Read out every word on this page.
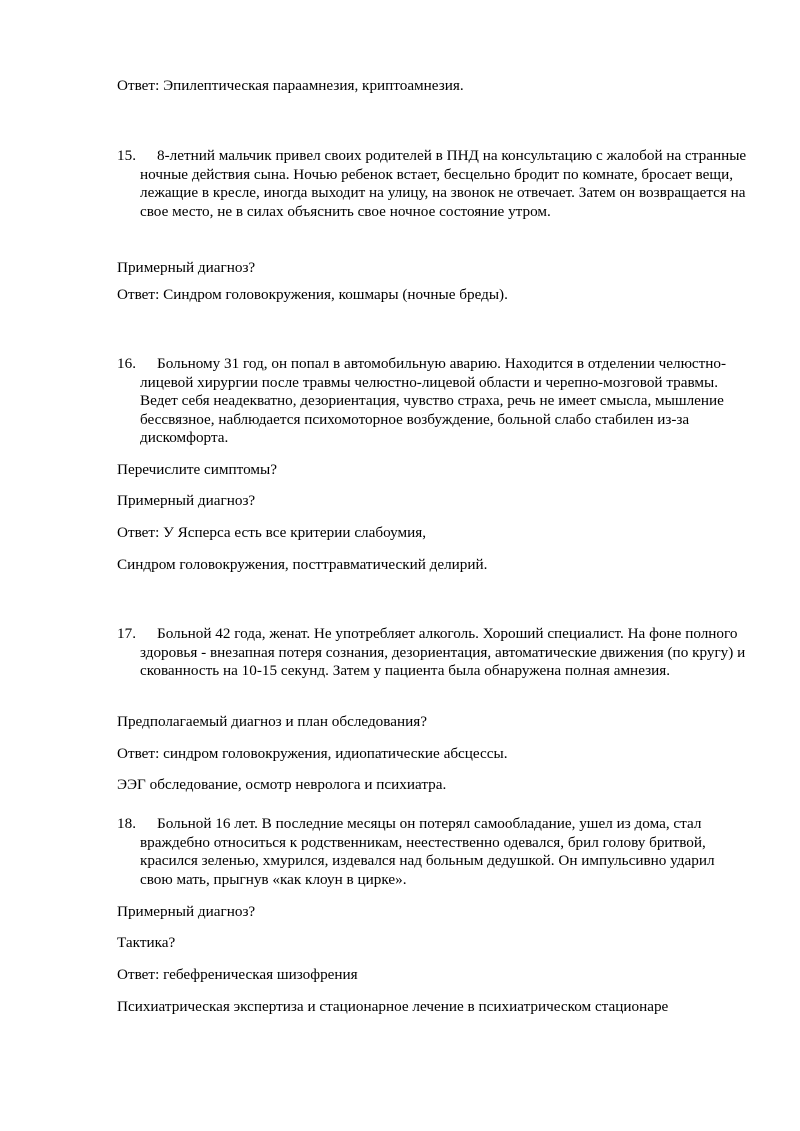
Ответ: Эпилептическая параамнезия, криптоамнезия.
15.	8-летний мальчик привел своих родителей в ПНД на консультацию с жалобой на странные ночные действия сына. Ночью ребенок встает, бесцельно бродит по комнате, бросает вещи, лежащие в кресле, иногда выходит на улицу, на звонок не отвечает. Затем он возвращается на свое место, не в силах объяснить свое ночное состояние утром.
Примерный диагноз?
Ответ: Синдром головокружения, кошмары (ночные бреды).
16.	Больному 31 год, он попал в автомобильную аварию. Находится в отделении челюстно-лицевой хирургии после травмы челюстно-лицевой области и черепно-мозговой травмы. Ведет себя неадекватно, дезориентация, чувство страха, речь не имеет смысла, мышление бессвязное, наблюдается психомоторное возбуждение, больной слабо стабилен из-за дискомфорта.
Перечислите симптомы?
Примерный диагноз?
Ответ: У Ясперса есть все критерии слабоумия,
Синдром головокружения, посттравматический делирий.
17.	Больной 42 года, женат. Не употребляет алкоголь. Хороший специалист. На фоне полного здоровья - внезапная потеря сознания, дезориентация, автоматические движения (по кругу) и скованность на 10-15 секунд. Затем у пациента была обнаружена полная амнезия.
Предполагаемый диагноз и план обследования?
Ответ: синдром головокружения, идиопатические абсцессы.
ЭЭГ обследование, осмотр невролога и психиатра.
18.	Больной 16 лет. В последние месяцы он потерял самообладание, ушел из дома, стал враждебно относиться к родственникам, неестественно одевался, брил голову бритвой, красился зеленью, хмурился, издевался над больным дедушкой. Он импульсивно ударил свою мать, прыгнув «как клоун в цирке».
Примерный диагноз?
Тактика?
Ответ: гебефреническая шизофрения
Психиатрическая экспертиза и стационарное лечение в психиатрическом стационаре
